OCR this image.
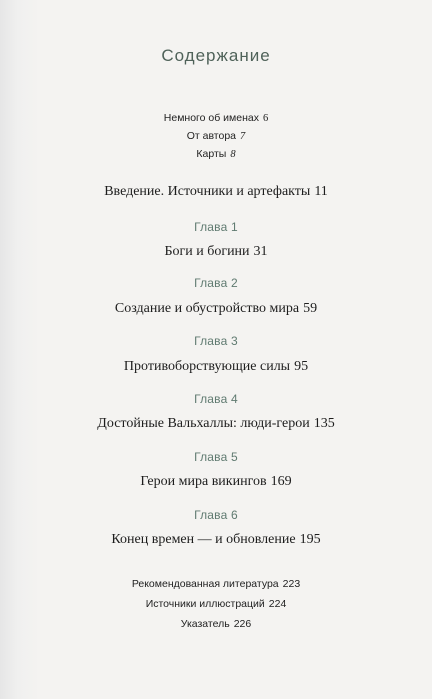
Содержание
Немного об именах 6
От автора 7
Карты 8
Введение. Источники и артефакты 11
Глава 1
Боги и богини 31
Глава 2
Создание и обустройство мира 59
Глава 3
Противоборствующие силы 95
Глава 4
Достойные Вальхаллы: люди-герои 135
Глава 5
Герои мира викингов 169
Глава 6
Конец времен — и обновление 195
Рекомендованная литература 223
Источники иллюстраций 224
Указатель 226
